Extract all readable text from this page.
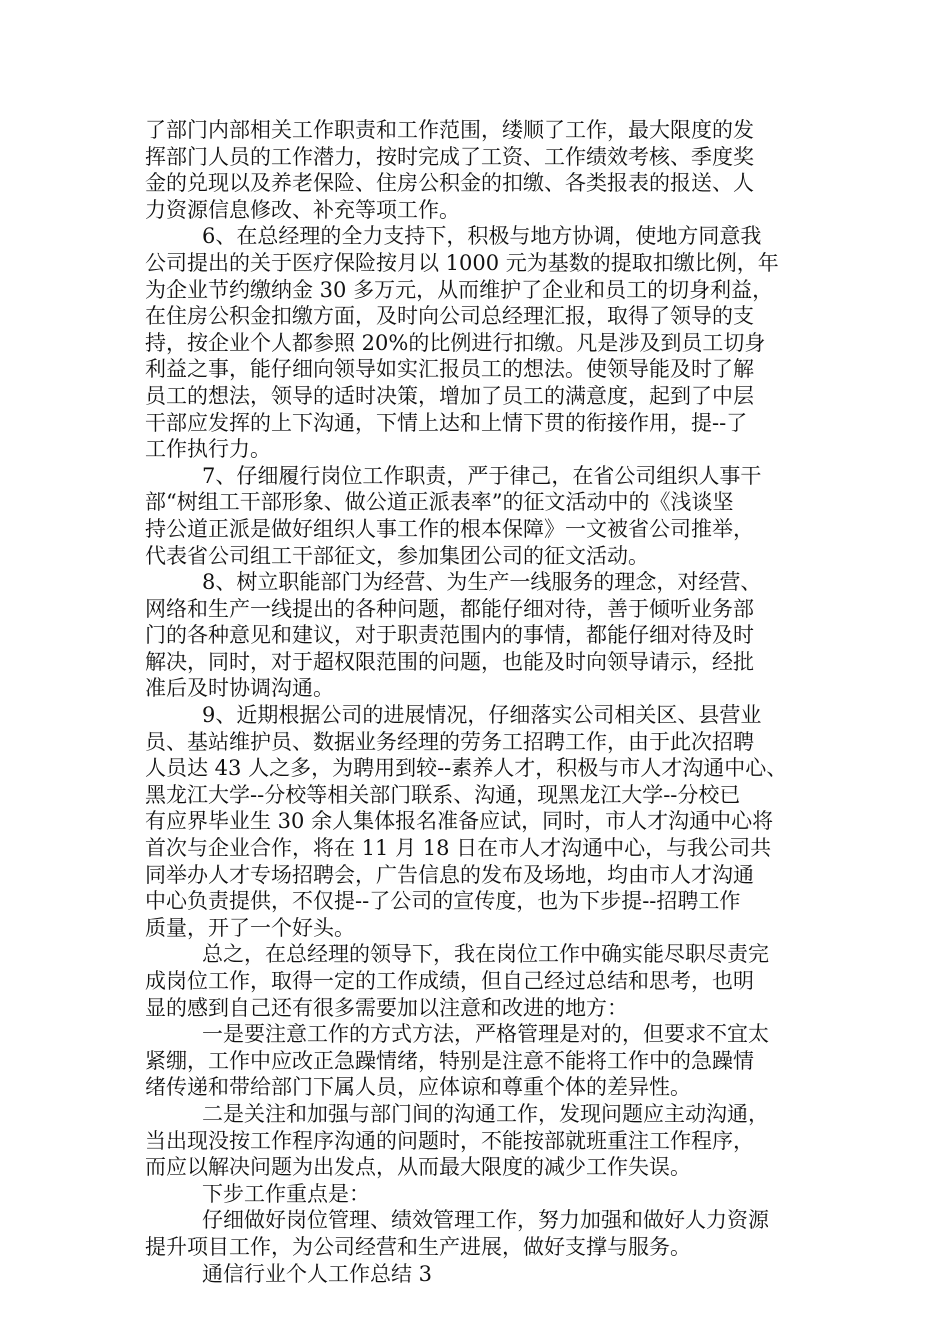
了部门内部相关工作职责和工作范围，缕顺了工作，最大限度的发

挥部门人员的工作潜力，按时完成了工资、工作绩效考核、季度奖

金的兑现以及养老保险、住房公积金的扣缴、各类报表的报送、人

力资源信息修改、补充等项工作。

6、在总经理的全力支持下，积极与地方协调，使地方同意我

公司提出的关于医疗保险按月以 1000 元为基数的提取扣缴比例，年

为企业节约缴纳金 30 多万元，从而维护了企业和员工的切身利益，

在住房公积金扣缴方面，及时向公司总经理汇报，取得了领导的支

持，按企业个人都参照 20%的比例进行扣缴。凡是涉及到员工切身

利益之事，能仔细向领导如实汇报员工的想法。使领导能及时了解

员工的想法，领导的适时决策，增加了员工的满意度，起到了中层

干部应发挥的上下沟通，下情上达和上情下贯的衔接作用，提--了

工作执行力。

7、仔细履行岗位工作职责，严于律己，在省公司组织人事干

部“树组工干部形象、做公道正派表率”的征文活动中的《浅谈坚

持公道正派是做好组织人事工作的根本保障》一文被省公司推举，

代表省公司组工干部征文，参加集团公司的征文活动。

8、树立职能部门为经营、为生产一线服务的理念，对经营、

网络和生产一线提出的各种问题，都能仔细对待，善于倾听业务部

门的各种意见和建议，对于职责范围内的事情，都能仔细对待及时

解决，同时，对于超权限范围的问题，也能及时向领导请示，经批

准后及时协调沟通。

9、近期根据公司的进展情况，仔细落实公司相关区、县营业

员、基站维护员、数据业务经理的劳务工招聘工作，由于此次招聘

人员达 43 人之多，为聘用到较--素养人才，积极与市人才沟通中心、

黑龙江大学--分校等相关部门联系、沟通，现黑龙江大学--分校已

有应界毕业生 30 余人集体报名准备应试，同时，市人才沟通中心将

首次与企业合作，将在 11 月 18 日在市人才沟通中心，与我公司共

同举办人才专场招聘会，广告信息的发布及场地，均由市人才沟通

中心负责提供，不仅提--了公司的宣传度，也为下步提--招聘工作

质量，开了一个好头。

总之，在总经理的领导下，我在岗位工作中确实能尽职尽责完

成岗位工作，取得一定的工作成绩，但自己经过总结和思考，也明

显的感到自己还有很多需要加以注意和改进的地方：

一是要注意工作的方式方法，严格管理是对的，但要求不宜太

紧绷，工作中应改正急躁情绪，特别是注意不能将工作中的急躁情

绪传递和带给部门下属人员，应体谅和尊重个体的差异性。

二是关注和加强与部门间的沟通工作，发现问题应主动沟通，

当出现没按工作程序沟通的问题时，不能按部就班重注工作程序，

而应以解决问题为出发点，从而最大限度的减少工作失误。

下步工作重点是：

仔细做好岗位管理、绩效管理工作，努力加强和做好人力资源

提升项目工作，为公司经营和生产进展，做好支撑与服务。

通信行业个人工作总结 3
